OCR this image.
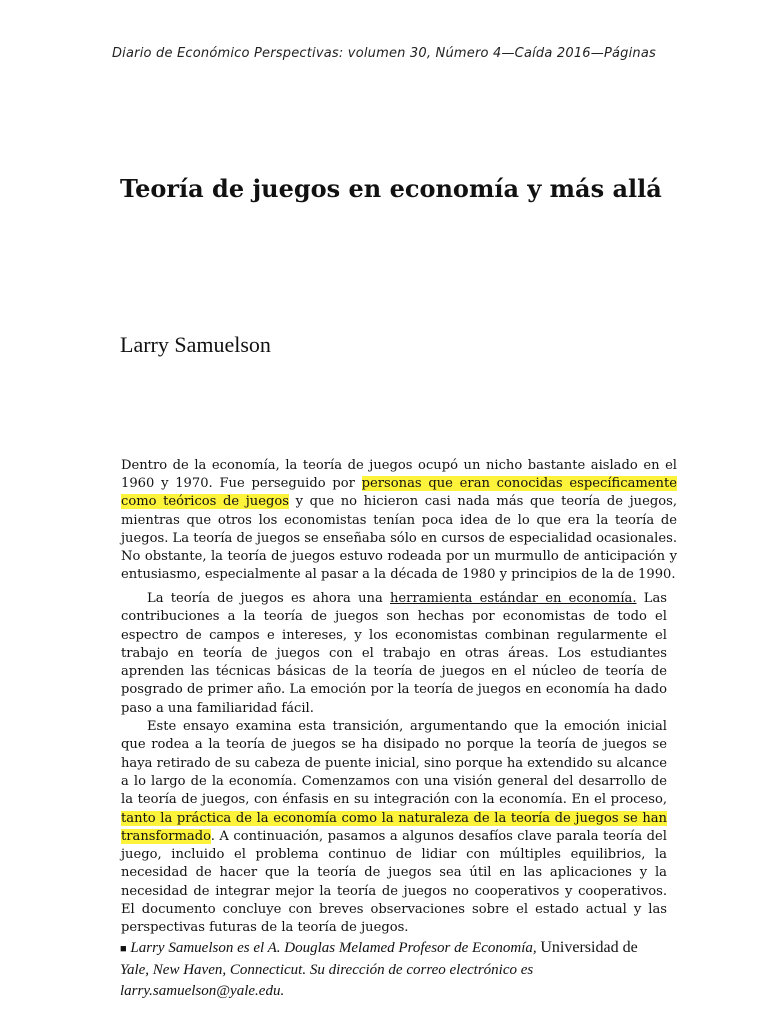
Diario de Económico Perspectivas: volumen 30, Número 4—Caída 2016—Páginas
Teoría de juegos en economía y más allá
Larry Samuelson
Dentro de la economía, la teoría de juegos ocupó un nicho bastante aislado en el 1960 y 1970. Fue perseguido por personas que eran conocidas específicamente como teóricos de juegos y que no hicieron casi nada más que teoría de juegos, mientras que otros los economistas tenían poca idea de lo que era la teoría de juegos. La teoría de juegos se enseñaba sólo en cursos de especialidad ocasionales. No obstante, la teoría de juegos estuvo rodeada por un murmullo de anticipación y entusiasmo, especialmente al pasar a la década de 1980 y principios de la de 1990.

La teoría de juegos es ahora una herramienta estándar en economía. Las contribuciones a la teoría de juegos son hechas por economistas de todo el espectro de campos e intereses, y los economistas combinan regularmente el trabajo en teoría de juegos con el trabajo en otras áreas. Los estudiantes aprenden las técnicas básicas de la teoría de juegos en el núcleo de teoría de posgrado de primer año. La emoción por la teoría de juegos en economía ha dado paso a una familiaridad fácil.

Este ensayo examina esta transición, argumentando que la emoción inicial que rodea a la teoría de juegos se ha disipado no porque la teoría de juegos se haya retirado de su cabeza de puente inicial, sino porque ha extendido su alcance a lo largo de la economía. Comenzamos con una visión general del desarrollo de la teoría de juegos, con énfasis en su integración con la economía. En el proceso, tanto la práctica de la economía como la naturaleza de la teoría de juegos se han transformado. A continuación, pasamos a algunos desafíos clave parala teoría del juego, incluido el problema continuo de lidiar con múltiples equilibrios, la necesidad de hacer que la teoría de juegos sea útil en las aplicaciones y la necesidad de integrar mejor la teoría de juegos no cooperativos y cooperativos. El documento concluye con breves observaciones sobre el estado actual y las perspectivas futuras de la teoría de juegos.

■ Larry Samuelson es el A. Douglas Melamed Profesor de Economía, Universidad de Yale, New Haven, Connecticut. Su dirección de correo electrónico es larry.samuelson@yale.edu.
